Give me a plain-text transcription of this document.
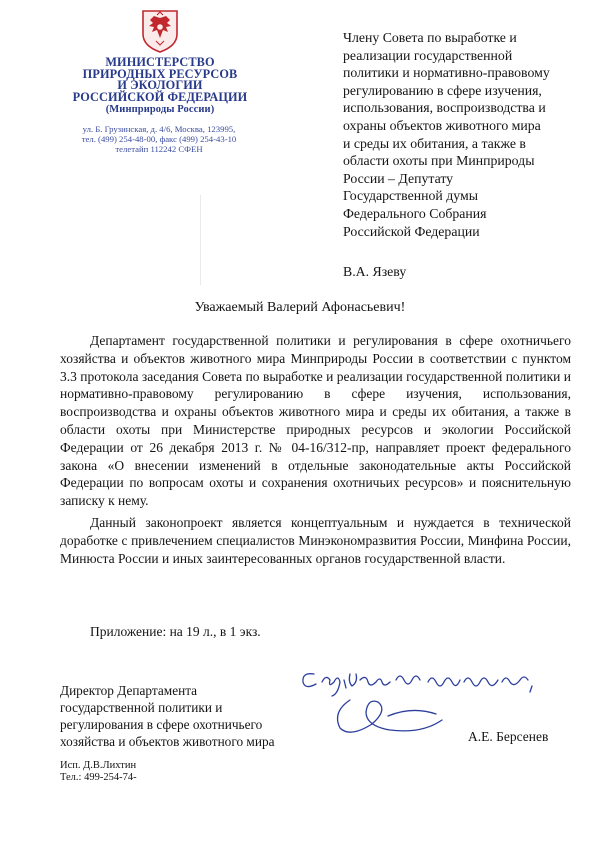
МИНИСТЕРСТВО
ПРИРОДНЫХ РЕСУРСОВ
И ЭКОЛОГИИ
РОССИЙСКОЙ ФЕДЕРАЦИИ
(Минприроды России)
ул. Б. Грузинская, д. 4/6, Москва, 123995,
тел. (499) 254-48-00, факс (499) 254-43-10
телетайп 112242 СФЕН
Члену Совета по выработке и
реализации государственной
политики и нормативно-правовому
регулированию в сфере изучения,
использования, воспроизводства и
охраны объектов животного мира
и среды их обитания, а также в
области охоты при Минприроды
России – Депутату
Государственной думы
Федерального Собрания
Российской Федерации
В.А. Язеву
Уважаемый Валерий Афонасьевич!

Департамент государственной политики и регулирования в сфере охотничьего хозяйства и объектов животного мира Минприроды России в соответствии с пунктом 3.3 протокола заседания Совета по выработке и реализации государственной политики и нормативно-правовому регулированию в сфере изучения, использования, воспроизводства и охраны объектов животного мира и среды их обитания, а также в области охоты при Министерстве природных ресурсов и экологии Российской Федерации от 26 декабря 2013 г. № 04-16/312-пр, направляет проект федерального закона «О внесении изменений в отдельные законодательные акты Российской Федерации по вопросам охоты и сохранения охотничьих ресурсов» и пояснительную записку к нему.

Данный законопроект является концептуальным и нуждается в технической доработке с привлечением специалистов Минэкономразвития России, Минфина России, Минюста России и иных заинтересованных органов государственной власти.

Приложение: на 19 л., в 1 экз.
Директор Департамента
государственной политики и
регулирования в сфере охотничьего
хозяйства и объектов животного мира	А.Е. Берсенев
Исп. Д.В.Лихтин
Тел.: 499-254-74-
